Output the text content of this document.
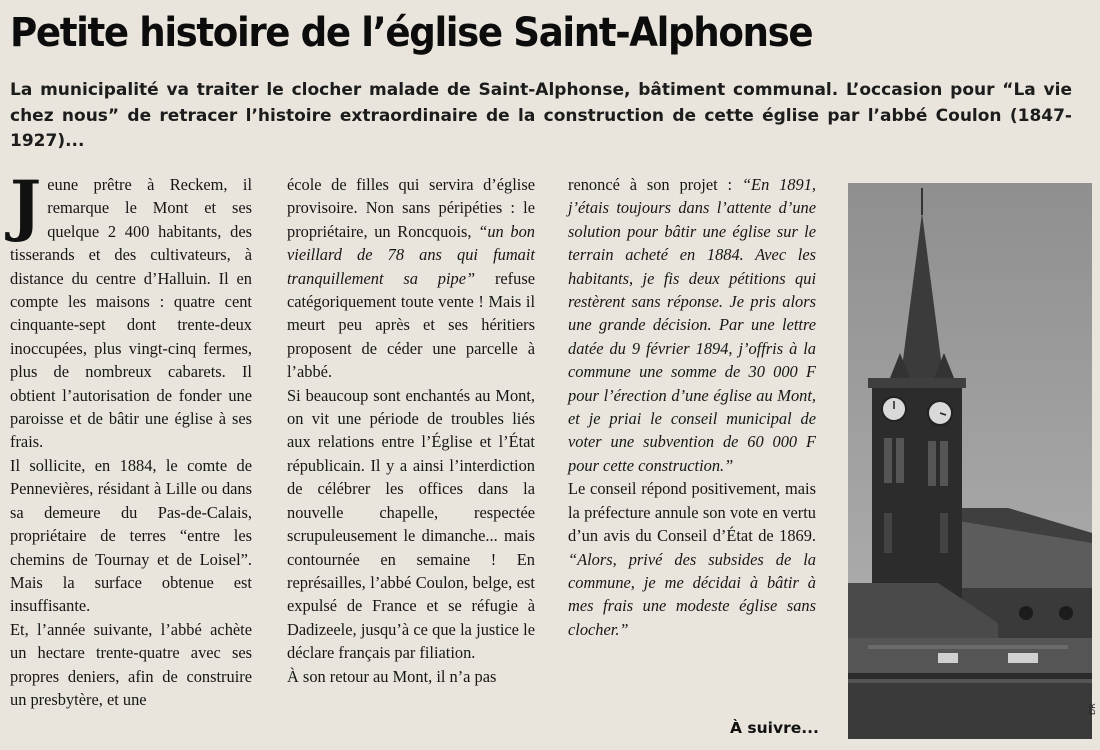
Petite histoire de l’église Saint-Alphonse

La municipalité va traiter le clocher malade de Saint-Alphonse, bâtiment communal. L’occasion pour “La vie chez nous” de retracer l’histoire extraordinaire de la construction de cette église par l’abbé Coulon (1847-1927)...

Jeune prêtre à Reckem, il remarque le Mont et ses quelque 2 400 habitants, des tisserands et des cultivateurs, à distance du centre d’Halluin. Il en compte les maisons : quatre cent cinquante-sept dont trente-deux inoccupées, plus vingt-cinq fermes, plus de nombreux cabarets. Il obtient l’autorisation de fonder une paroisse et de bâtir une église à ses frais.

Il sollicite, en 1884, le comte de Pennevières, résidant à Lille ou dans sa demeure du Pas-de-Calais, propriétaire de terres “entre les chemins de Tournay et de Loisel”. Mais la surface obtenue est insuffisante.

Et, l’année suivante, l’abbé achète un hectare trente-quatre avec ses propres deniers, afin de construire un presbytère, et une

école de filles qui servira d’église provisoire. Non sans péripéties : le propriétaire, un Roncquois, “un bon vieillard de 78 ans qui fumait tranquillement sa pipe” refuse catégoriquement toute vente ! Mais il meurt peu après et ses héritiers proposent de céder une parcelle à l’abbé.

Si beaucoup sont enchantés au Mont, on vit une période de troubles liés aux relations entre l’Église et l’État républicain. Il y a ainsi l’interdiction de célébrer les offices dans la nouvelle chapelle, respectée scrupuleusement le dimanche... mais contournée en semaine ! En représailles, l’abbé Coulon, belge, est expulsé de France et se réfugie à Dadizeele, jusqu’à ce que la justice le déclare français par filiation.

À son retour au Mont, il n’a pas

renoncé à son projet : “En 1891, j’étais toujours dans l’attente d’une solution pour bâtir une église sur le terrain acheté en 1884. Avec les habitants, je fis deux pétitions qui restèrent sans réponse. Je pris alors une grande décision. Par une lettre datée du 9 février 1894, j’offris à la commune une somme de 30 000 F pour l’érection d’une église au Mont, et je priai le conseil municipal de voter une subvention de 60 000 F pour cette construction.”

Le conseil répond positivement, mais la préfecture annule son vote en vertu d’un avis du Conseil d’État de 1869. “Alors, privé des subsides de la commune, je me décidai à bâtir à mes frais une modeste église sans clocher.”

À suivre...
DR
